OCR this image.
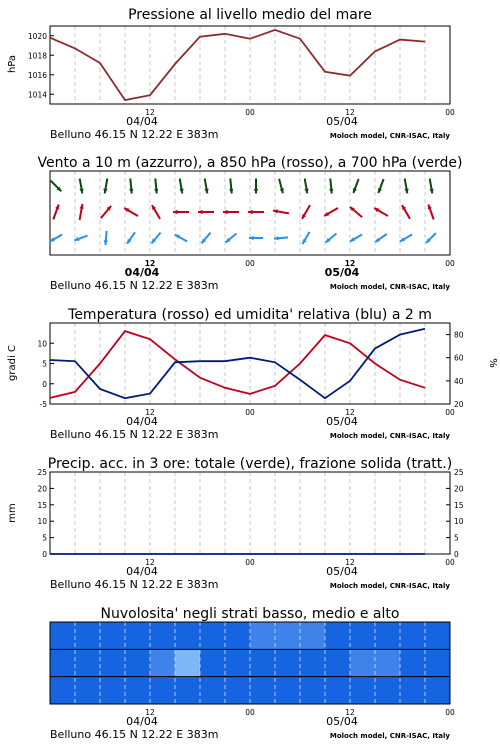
Pressione al livello medio del mare
hPa
1014
1016
1018
1020
12	00	12	00
04/04	05/04
Belluno 46.15 N 12.22 E 383m	Moloch model, CNR-ISAC, Italy
Vento a 10 m (azzurro), a 850 hPa (rosso), a 700 hPa (verde)
12	00	12	00
04/04	05/04
Belluno 46.15 N 12.22 E 383m	Moloch model, CNR-ISAC, Italy
Temperatura (rosso) ed umidita' relativa (blu) a 2 m
gradi C	%
-5
0
5
10
20
40
60
80
12	00	12	00
04/04	05/04
Belluno 46.15 N 12.22 E 383m	Moloch model, CNR-ISAC, Italy
Precip. acc. in 3 ore: totale (verde), frazione solida (tratt.)
mm
0
5
10
15
20
25
0
5
10
15
20
25
12	00	12	00
04/04	05/04
Belluno 46.15 N 12.22 E 383m	Moloch model, CNR-ISAC, Italy
Nuvolosita' negli strati basso, medio e alto
12	00	12	00
04/04	05/04
Belluno 46.15 N 12.22 E 383m	Moloch model, CNR-ISAC, Italy
